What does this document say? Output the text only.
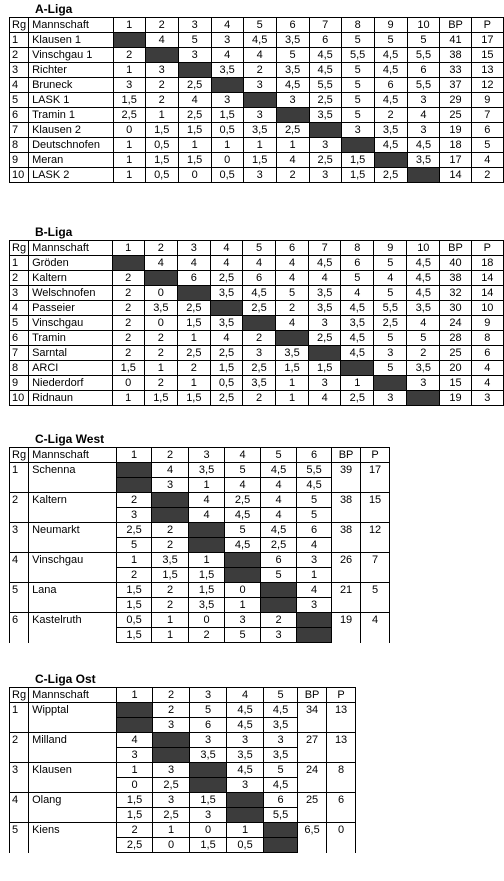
A-Liga
Rg	Mannschaft	1	2	3	4	5	6	7	8	9	10	BP	P
1	Klausen 1		4	5	3	4,5	3,5	6	5	5	5	41	17
2	Vinschgau 1	2		3	4	4	5	4,5	5,5	4,5	5,5	38	15
3	Richter	1	3		3,5	2	3,5	4,5	5	4,5	6	33	13
4	Bruneck	3	2	2,5		3	4,5	5,5	5	6	5,5	37	12
5	LASK 1	1,5	2	4	3		3	2,5	5	4,5	3	29	9
6	Tramin 1	2,5	1	2,5	1,5	3		3,5	5	2	4	25	7
7	Klausen 2	0	1,5	1,5	0,5	3,5	2,5		3	3,5	3	19	6
8	Deutschnofen	1	0,5	1	1	1	1	3		4,5	4,5	18	5
9	Meran	1	1,5	1,5	0	1,5	4	2,5	1,5		3,5	17	4
10	LASK 2	1	0,5	0	0,5	3	2	3	1,5	2,5		14	2
B-Liga
Rg	Mannschaft	1	2	3	4	5	6	7	8	9	10	BP	P
1	Gröden		4	4	4	4	4	4,5	6	5	4,5	40	18
2	Kaltern	2		6	2,5	6	4	4	5	4	4,5	38	14
3	Welschnofen	2	0		3,5	4,5	5	3,5	4	5	4,5	32	14
4	Passeier	2	3,5	2,5		2,5	2	3,5	4,5	5,5	3,5	30	10
5	Vinschgau	2	0	1,5	3,5		4	3	3,5	2,5	4	24	9
6	Tramin	2	2	1	4	2		2,5	4,5	5	5	28	8
7	Sarntal	2	2	2,5	2,5	3	3,5		4,5	3	2	25	6
8	ARCI	1,5	1	2	1,5	2,5	1,5	1,5		5	3,5	20	4
9	Niederdorf	0	2	1	0,5	3,5	1	3	1		3	15	4
10	Ridnaun	1	1,5	1,5	2,5	2	1	4	2,5	3		19	3
C-Liga West
Rg	Mannschaft	1	2	3	4	5	6	BP	P
1	Schenna		4	3,5	5	4,5	5,5	39	17
			3	1	4	4	4,5		
2	Kaltern	2		4	2,5	4	5	38	15
		3		4	4,5	4	5		
3	Neumarkt	2,5	2		5	4,5	6	38	12
		5	2		4,5	2,5	4		
4	Vinschgau	1	3,5	1		6	3	26	7
		2	1,5	1,5		5	1		
5	Lana	1,5	2	1,5	0		4	21	5
		1,5	2	3,5	1		3		
6	Kastelruth	0,5	1	0	3	2		19	4
		1,5	1	2	5	3			
C-Liga Ost
Rg	Mannschaft	1	2	3	4	5	BP	P
1	Wipptal		2	5	4,5	4,5	34	13
			3	6	4,5	3,5		
2	Milland	4		3	3	3	27	13
		3		3,5	3,5	3,5		
3	Klausen	1	3		4,5	5	24	8
		0	2,5		3	4,5		
4	Olang	1,5	3	1,5		6	25	6
		1,5	2,5	3		5,5		
5	Kiens	2	1	0	1		6,5	0
		2,5	0	1,5	0,5			
